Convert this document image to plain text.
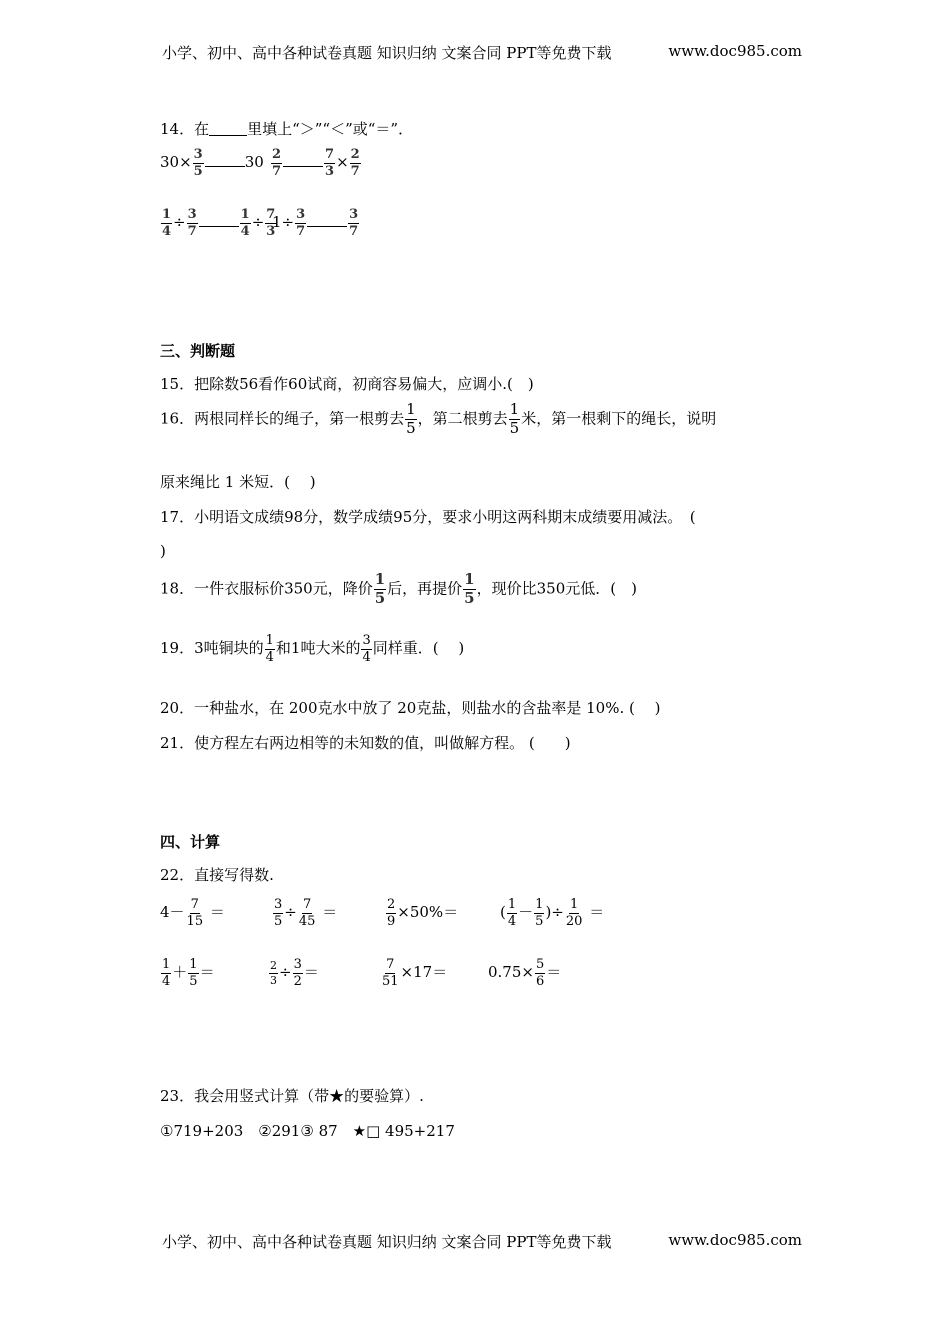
小学、初中、高中各种试卷真题 知识归纳 文案合同 PPT等免费下载	www.doc985.com
14．在	里填上“＞”“＜”或“＝”．
$30\times \frac{3}{5}$	$30 \frac{2}{7}$	$\frac{7}{3} \times \frac{2}{7}$
$\frac{1}{4} \div \frac{3}{7}$	$\frac{1}{4} \div \frac{7}{3}$
$1\div \frac{3}{7}$	$\frac{3}{7}$
三、判断题
15．把除数56看作60试商，初商容易偏大，应调小.(　)
16．两根同样长的绳子，第一根剪去 $\frac{1}{5}$ ，第二根剪去 $\frac{1}{5}$ 米，第一根剩下的绳长，说明
原来绳比 1 米短．(　 )
17．小明语文成绩98分，数学成绩95分，要求小明这两科期末成绩要用减法。　(
)
18．一件衣服标价350元，降价 $\frac{1}{5}$ 后，再提价 $\frac{1}{5}$ ，现价比350元低．(　)
19．3吨铜块的 $\frac{1}{4}$ 和1吨大米的 $\frac{3}{4}$ 同样重．(　 )
20．一种盐水，在 200克水中放了 20克盐，则盐水的含盐率是 10%. (　 )
21．使方程左右两边相等的未知数的值，叫做解方程。 (　　)
四、计算
22．直接写得数.
$4- \frac{7}{15}$ ＝	$\frac{3}{5} \div \frac{7}{45}$ ＝	$\frac{2}{9} \times 50\%=$	( $\frac{1}{4} - \frac{1}{5}$ )÷ $\frac{1}{20}$ ＝
$\frac{1}{4} + \frac{1}{5}$ ＝	$\frac{2}{3} \div \frac{3}{2}$ ＝	$\frac{7}{51} \times 17=$	$0.75\times \frac{5}{6}$ ＝
23．我会用竖式计算（带★的要验算）.
①719+203　②291③ 87　★□ 495+217
小学、初中、高中各种试卷真题 知识归纳 文案合同 PPT等免费下载	www.doc985.com
